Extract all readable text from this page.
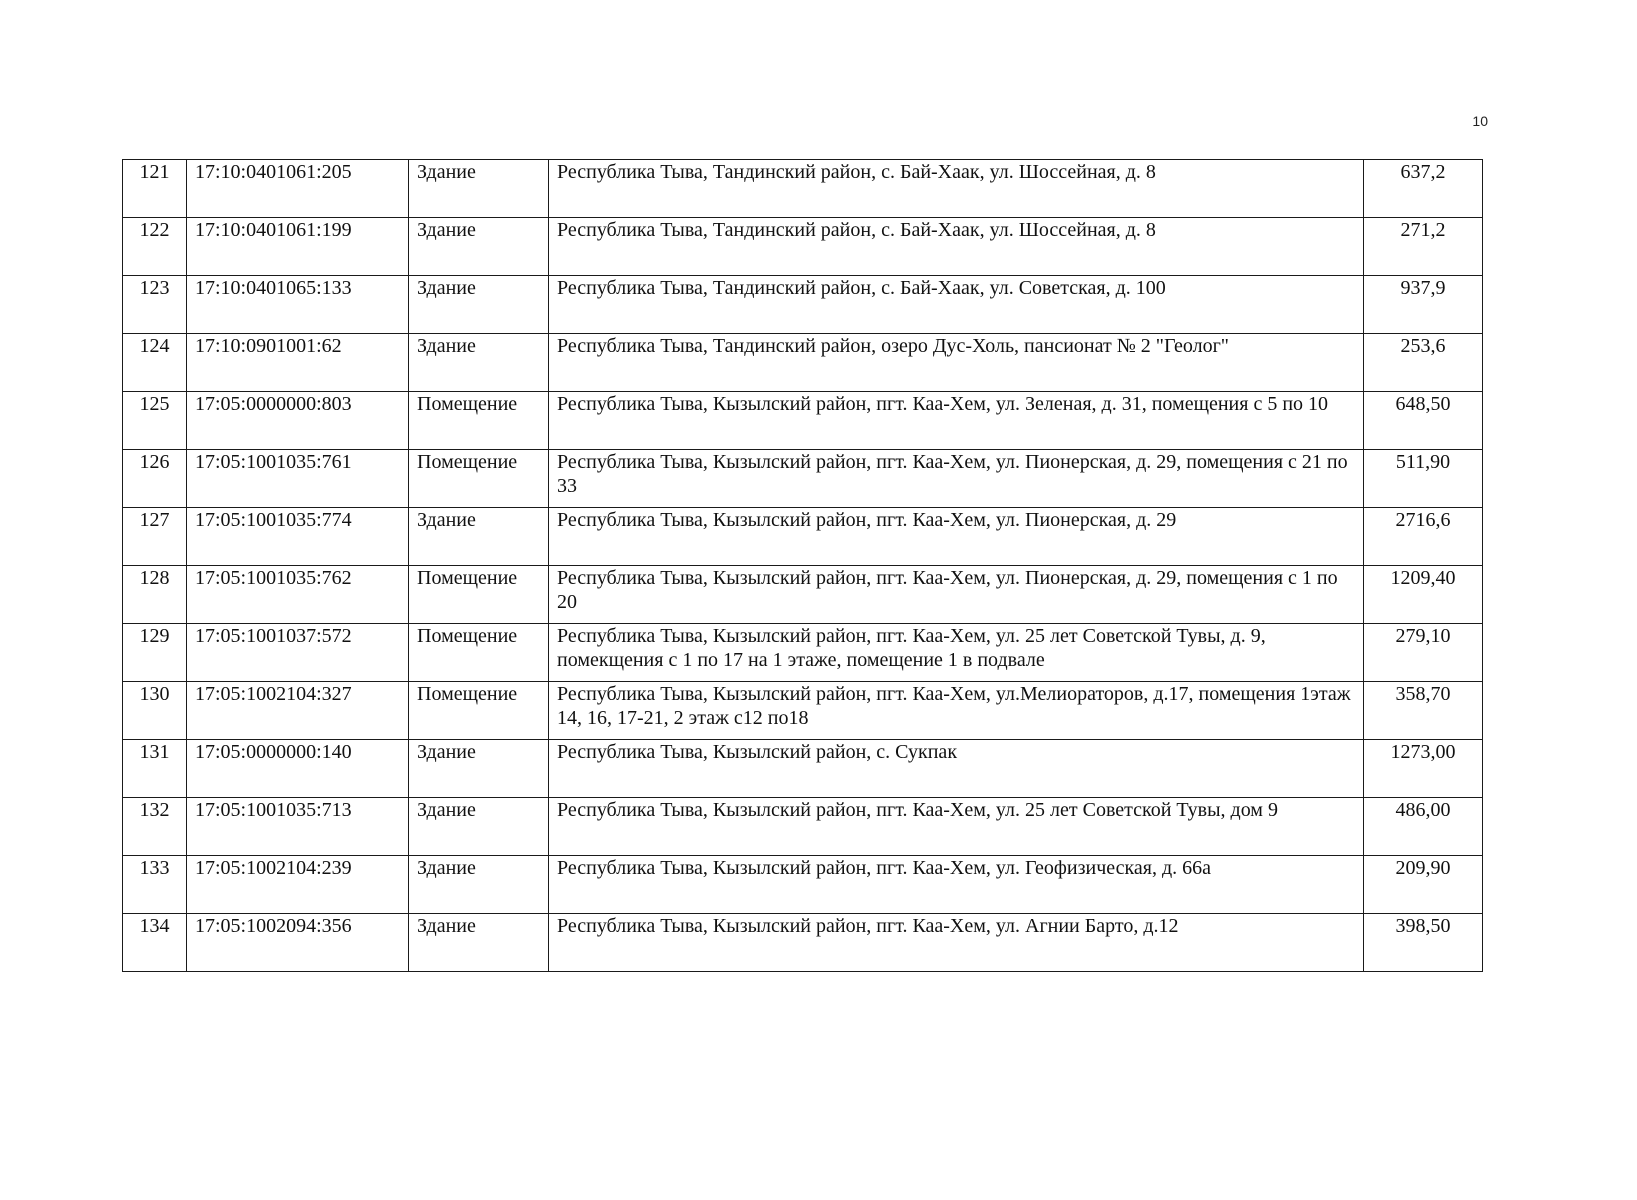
10
121	17:10:0401061:205	Здание	Республика Тыва, Тандинский район, с. Бай-Хаак, ул. Шоссейная, д. 8	637,2
122	17:10:0401061:199	Здание	Республика Тыва, Тандинский район, с. Бай-Хаак, ул. Шоссейная, д. 8	271,2
123	17:10:0401065:133	Здание	Республика Тыва, Тандинский район, с. Бай-Хаак, ул. Советская, д. 100	937,9
124	17:10:0901001:62	Здание	Республика Тыва, Тандинский район, озеро Дус-Холь, пансионат № 2 "Геолог"	253,6
125	17:05:0000000:803	Помещение	Республика Тыва, Кызылский район, пгт. Каа-Хем, ул. Зеленая, д. 31, помещения с 5 по 10	648,50
126	17:05:1001035:761	Помещение	Республика Тыва, Кызылский район, пгт. Каа-Хем, ул. Пионерская, д. 29, помещения с 21 по 33	511,90
127	17:05:1001035:774	Здание	Республика Тыва, Кызылский район, пгт. Каа-Хем, ул. Пионерская, д. 29	2716,6
128	17:05:1001035:762	Помещение	Республика Тыва, Кызылский район, пгт. Каа-Хем, ул. Пионерская, д. 29, помещения с 1 по 20	1209,40
129	17:05:1001037:572	Помещение	Республика Тыва, Кызылский район, пгт. Каа-Хем, ул. 25 лет Советской Тувы, д. 9, помекщения с 1 по 17 на 1 этаже, помещение 1 в подвале	279,10
130	17:05:1002104:327	Помещение	Республика Тыва, Кызылский район, пгт. Каа-Хем, ул.Мелиораторов, д.17, помещения 1этаж 14, 16, 17-21, 2 этаж с12 по18	358,70
131	17:05:0000000:140	Здание	Республика Тыва, Кызылский район, с. Сукпак	1273,00
132	17:05:1001035:713	Здание	Республика Тыва, Кызылский район, пгт. Каа-Хем, ул. 25 лет Советской Тувы, дом 9	486,00
133	17:05:1002104:239	Здание	Республика Тыва, Кызылский район, пгт. Каа-Хем, ул. Геофизическая, д. 66а	209,90
134	17:05:1002094:356	Здание	Республика Тыва, Кызылский район, пгт. Каа-Хем, ул. Агнии Барто, д.12	398,50
